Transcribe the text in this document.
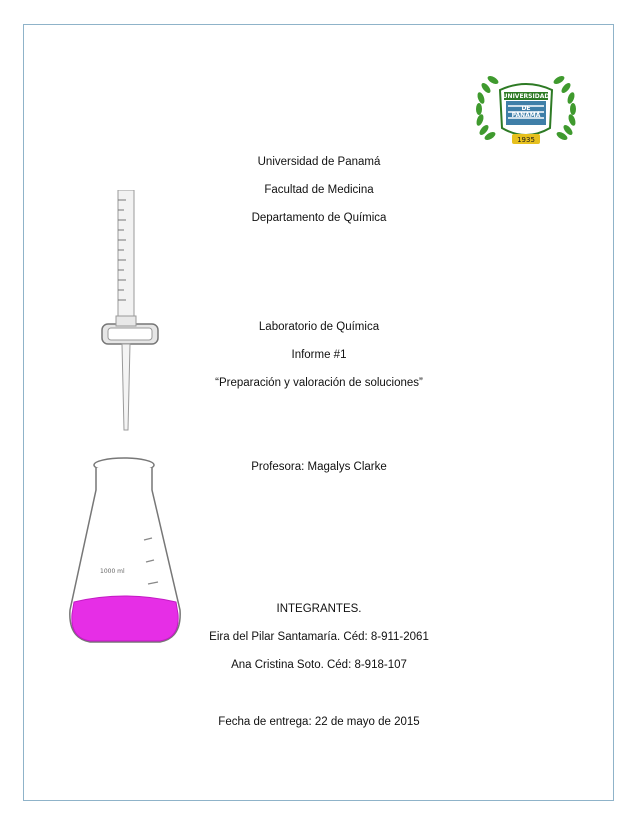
UNIVERSIDAD
DE
PANAMÁ
1935
1000 ml
Universidad de Panamá
Facultad de Medicina
Departamento de Química
Laboratorio de Química
Informe #1
“Preparación y valoración de soluciones”
Profesora: Magalys Clarke
INTEGRANTES.
Eira del Pilar Santamaría. Céd: 8-911-2061
Ana Cristina Soto. Céd: 8-918-107
Fecha de entrega: 22 de mayo de 2015
